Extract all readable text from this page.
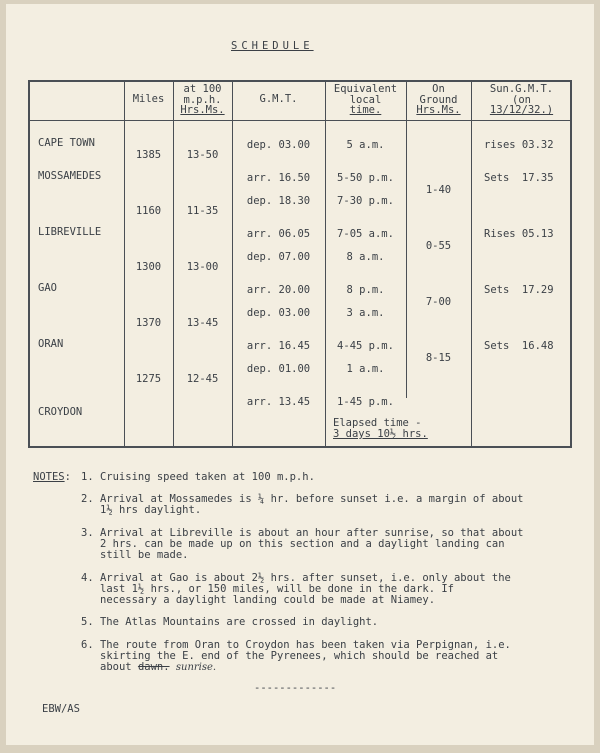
SCHEDULE
Miles
at 100
m.p.h.
Hrs.Ms.
G.M.T.
Equivalent
local
time.
On
Ground
Hrs.Ms.
Sun.G.M.T.
(on
13/12/32.)
CAPE TOWN
MOSSAMEDES
LIBREVILLE
GAO
ORAN
CROYDON
1385
1160
1300
1370
1275
13-50
11-35
13-00
13-45
12-45
dep. 03.00
arr. 16.50
dep. 18.30
arr. 06.05
dep. 07.00
arr. 20.00
dep. 03.00
arr. 16.45
dep. 01.00
arr. 13.45
5 a.m.
5-50 p.m.
7-30 p.m.
7-05 a.m.
8 a.m.
8 p.m.
3 a.m.
4-45 p.m.
1 a.m.
1-45 p.m.
1-40
0-55
7-00
8-15
rises 03.32
Sets  17.35
Rises 05.13
Sets  17.29
Sets  16.48
Elapsed time -
3 days 10½ hrs.
NOTES: 1. Cruising speed taken at 100 m.p.h.
2. Arrival at Mossamedes is ¼ hr. before sunset i.e. a margin of about
1½ hrs daylight.
3. Arrival at Libreville is about an hour after sunrise, so that about
2 hrs. can be made up on this section and a daylight landing can
still be made.
4. Arrival at Gao is about 2½ hrs. after sunset, i.e. only about the
last 1½ hrs., or 150 miles, will be done in the dark. If
necessary a daylight landing could be made at Niamey.
5. The Atlas Mountains are crossed in daylight.
6. The route from Oran to Croydon has been taken via Perpignan, i.e.
skirting the E. end of the Pyrenees, which should be reached at
about dawn. sunrise.
-------------
EBW/AS
